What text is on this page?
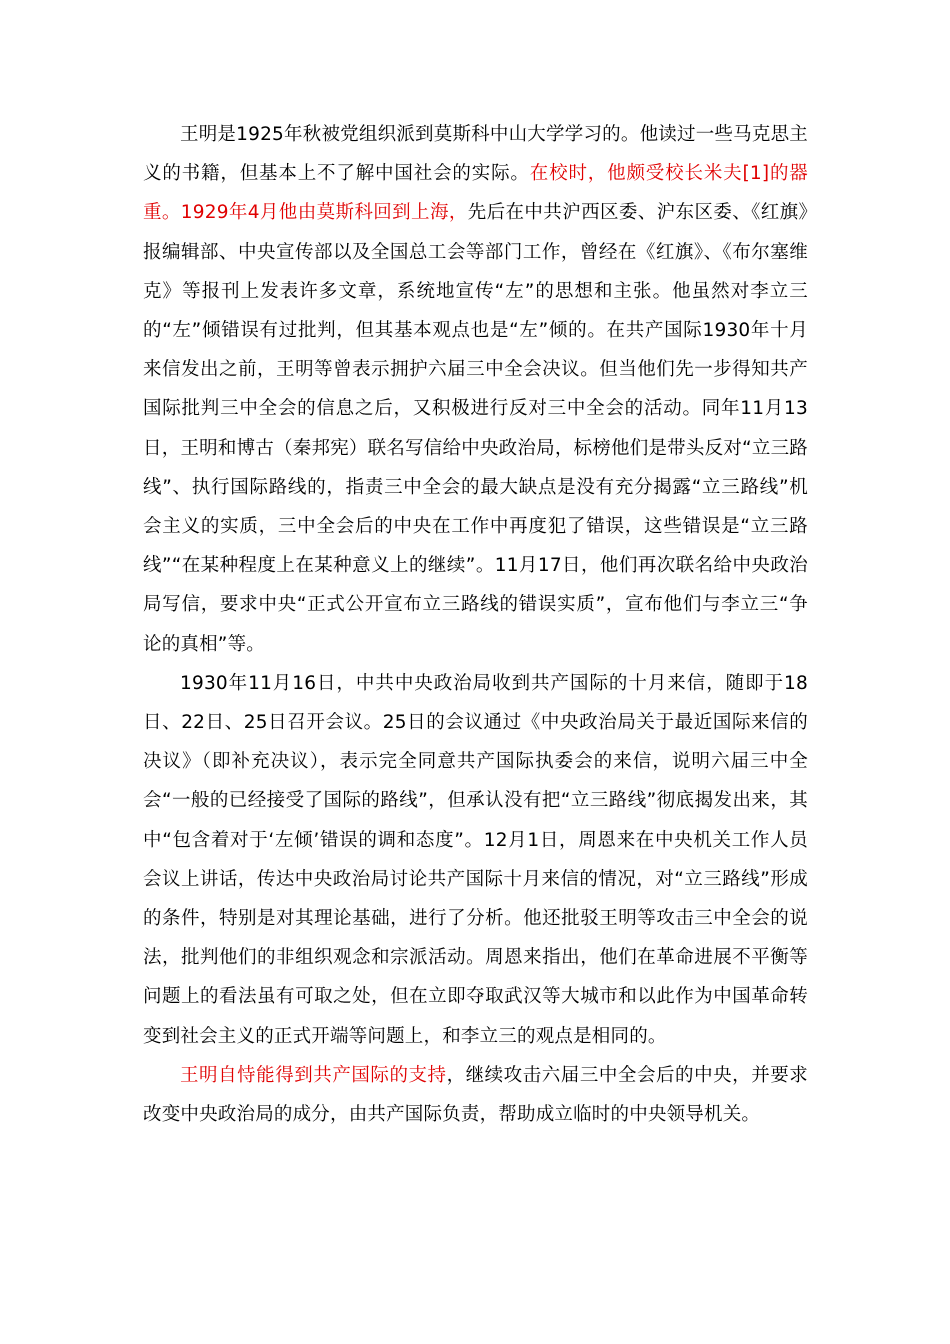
王明是1925年秋被党组织派到莫斯科中山大学学习的。他读过一些马克思主义的书籍，但基本上不了解中国社会的实际。在校时，他颇受校长米夫[1]的器重。1929年4月他由莫斯科回到上海，先后在中共沪西区委、沪东区委、《红旗》报编辑部、中央宣传部以及全国总工会等部门工作，曾经在《红旗》、《布尔塞维克》等报刊上发表许多文章，系统地宣传“左”的思想和主张。他虽然对李立三的“左”倾错误有过批判，但其基本观点也是“左”倾的。在共产国际1930年十月来信发出之前，王明等曾表示拥护六届三中全会决议。但当他们先一步得知共产国际批判三中全会的信息之后，又积极进行反对三中全会的活动。同年11月13日，王明和博古（秦邦宪）联名写信给中央政治局，标榜他们是带头反对“立三路线”、执行国际路线的，指责三中全会的最大缺点是没有充分揭露“立三路线”机会主义的实质，三中全会后的中央在工作中再度犯了错误，这些错误是“立三路线”“在某种程度上在某种意义上的继续”。11月17日，他们再次联名给中央政治局写信，要求中央“正式公开宣布立三路线的错误实质”，宣布他们与李立三“争论的真相”等。

1930年11月16日，中共中央政治局收到共产国际的十月来信，随即于18日、22日、25日召开会议。25日的会议通过《中央政治局关于最近国际来信的决议》（即补充决议），表示完全同意共产国际执委会的来信，说明六届三中全会“一般的已经接受了国际的路线”，但承认没有把“立三路线”彻底揭发出来，其中“包含着对于‘左倾’错误的调和态度”。12月1日，周恩来在中央机关工作人员会议上讲话，传达中央政治局讨论共产国际十月来信的情况，对“立三路线”形成的条件，特别是对其理论基础，进行了分析。他还批驳王明等攻击三中全会的说法，批判他们的非组织观念和宗派活动。周恩来指出，他们在革命进展不平衡等问题上的看法虽有可取之处，但在立即夺取武汉等大城市和以此作为中国革命转变到社会主义的正式开端等问题上，和李立三的观点是相同的。

王明自恃能得到共产国际的支持，继续攻击六届三中全会后的中央，并要求改变中央政治局的成分，由共产国际负责，帮助成立临时的中央领导机关。
